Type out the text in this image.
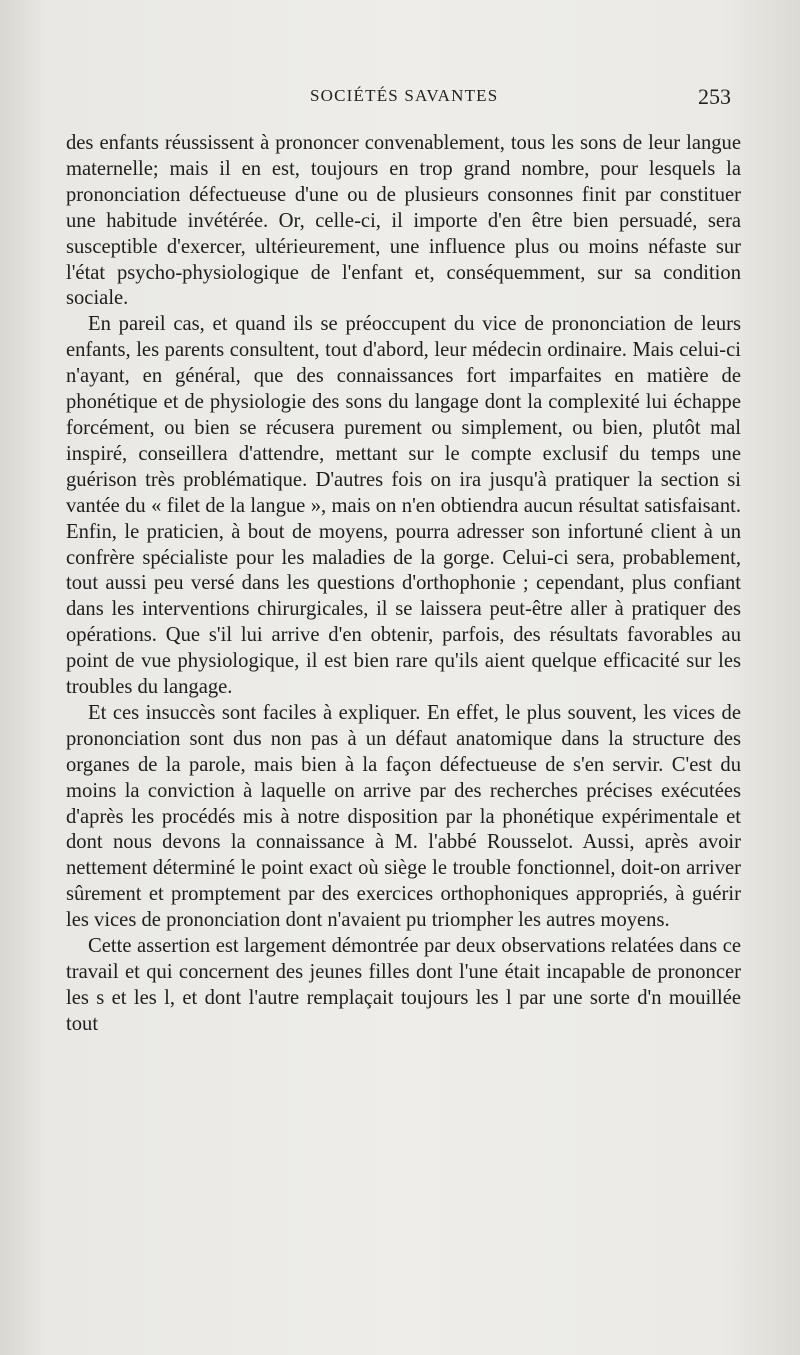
SOCIÉTÉS SAVANTES	253

des enfants réussissent à prononcer convenablement, tous les sons de leur langue maternelle; mais il en est, toujours en trop grand nombre, pour lesquels la prononciation défectueuse d'une ou de plusieurs consonnes finit par constituer une habitude invétérée. Or, celle-ci, il importe d'en être bien persuadé, sera susceptible d'exercer, ultérieurement, une influence plus ou moins néfaste sur l'état psycho-physiologique de l'enfant et, conséquemment, sur sa condition sociale.

En pareil cas, et quand ils se préoccupent du vice de prononciation de leurs enfants, les parents consultent, tout d'abord, leur médecin ordinaire. Mais celui-ci n'ayant, en général, que des connaissances fort imparfaites en matière de phonétique et de physiologie des sons du langage dont la complexité lui échappe forcément, ou bien se récusera purement ou simplement, ou bien, plutôt mal inspiré, conseillera d'attendre, mettant sur le compte exclusif du temps une guérison très problématique. D'autres fois on ira jusqu'à pratiquer la section si vantée du « filet de la langue », mais on n'en obtiendra aucun résultat satisfaisant. Enfin, le praticien, à bout de moyens, pourra adresser son infortuné client à un confrère spécialiste pour les maladies de la gorge. Celui-ci sera, probablement, tout aussi peu versé dans les questions d'orthophonie ; cependant, plus confiant dans les interventions chirurgicales, il se laissera peut-être aller à pratiquer des opérations. Que s'il lui arrive d'en obtenir, parfois, des résultats favorables au point de vue physiologique, il est bien rare qu'ils aient quelque efficacité sur les troubles du langage.

Et ces insuccès sont faciles à expliquer. En effet, le plus souvent, les vices de prononciation sont dus non pas à un défaut anatomique dans la structure des organes de la parole, mais bien à la façon défectueuse de s'en servir. C'est du moins la conviction à laquelle on arrive par des recherches précises exécutées d'après les procédés mis à notre disposition par la phonétique expérimentale et dont nous devons la connaissance à M. l'abbé Rousselot. Aussi, après avoir nettement déterminé le point exact où siège le trouble fonctionnel, doit-on arriver sûrement et promptement par des exercices orthophoniques appropriés, à guérir les vices de prononciation dont n'avaient pu triompher les autres moyens.

Cette assertion est largement démontrée par deux observations relatées dans ce travail et qui concernent des jeunes filles dont l'une était incapable de prononcer les s et les l, et dont l'autre remplaçait toujours les l par une sorte d'n mouillée tout
